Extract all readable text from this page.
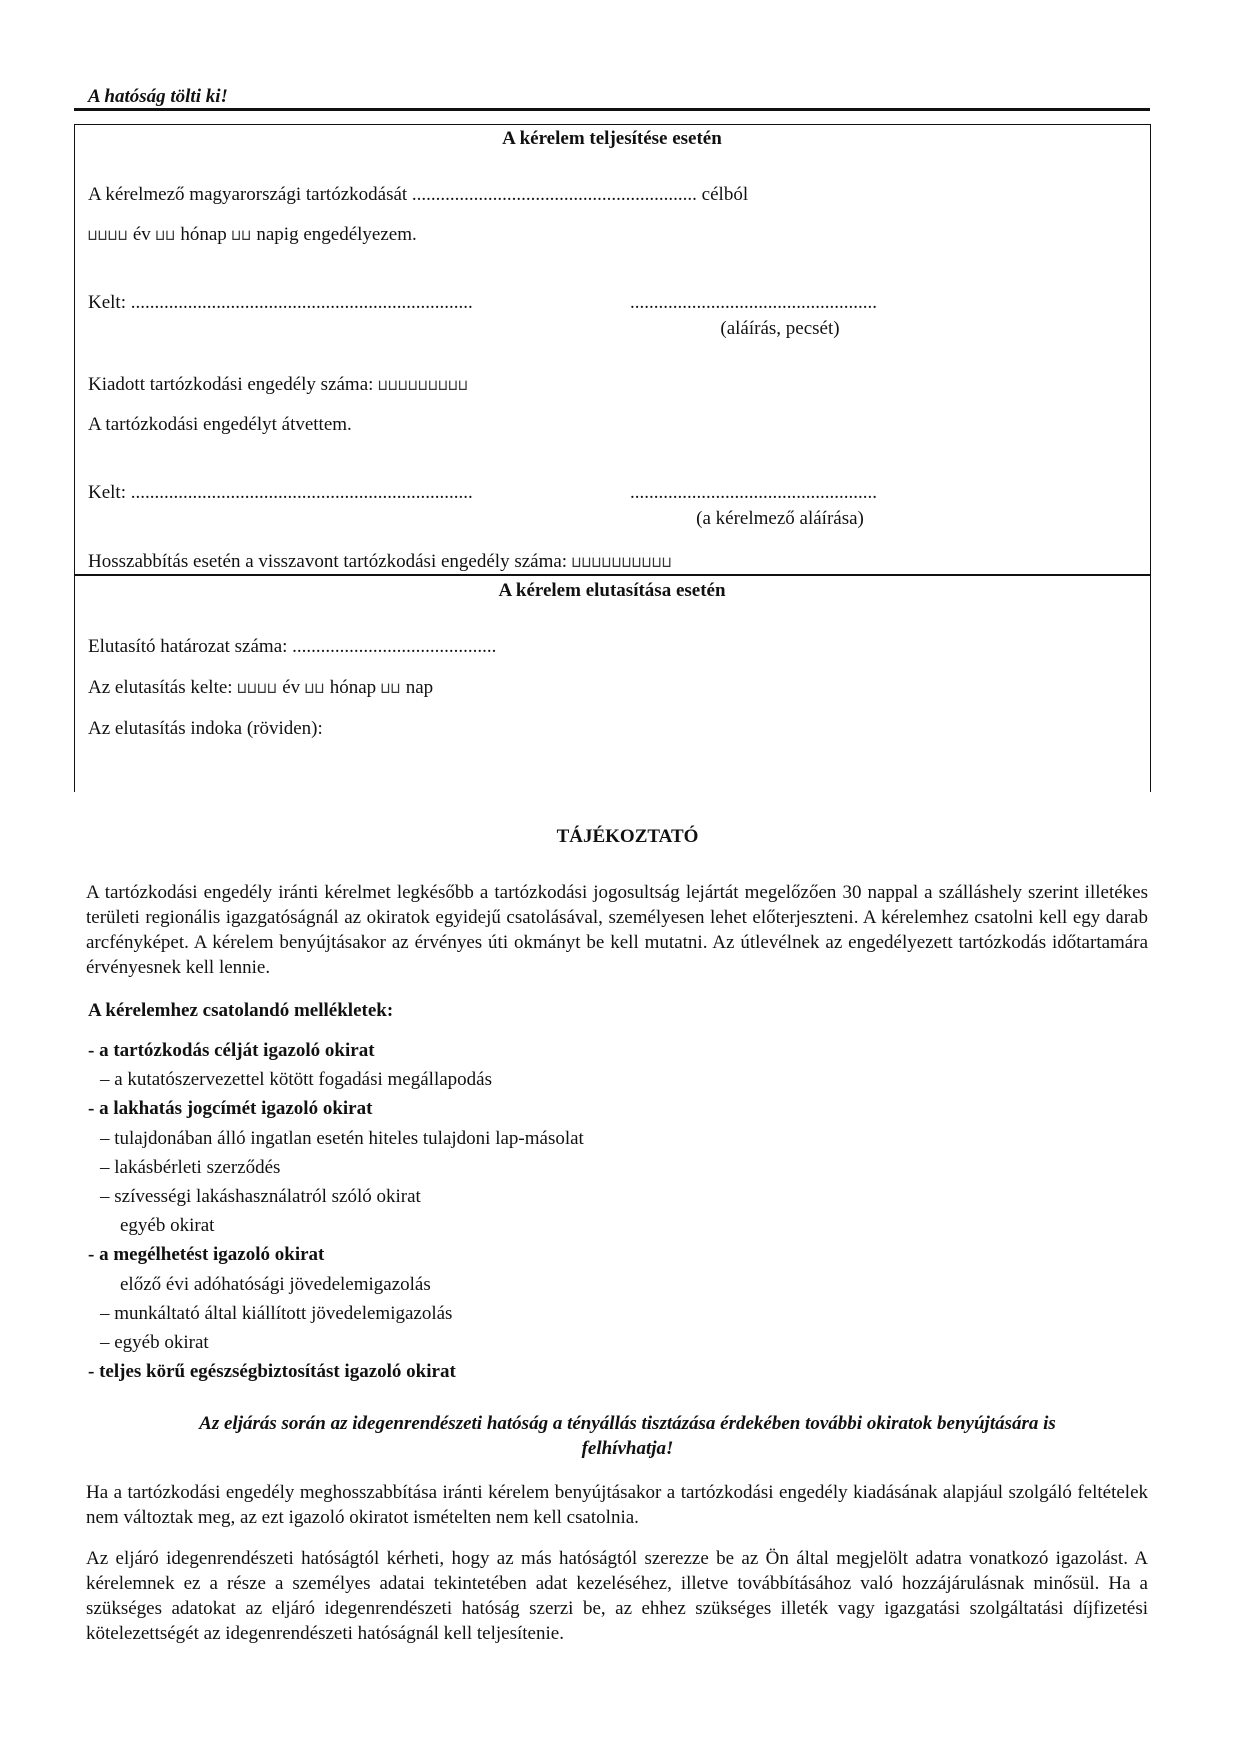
A hatóság tölti ki!
A kérelem teljesítése esetén
A kérelmező magyarországi tartózkodását ............................................................ célból
⊔⊔⊔⊔ év ⊔⊔ hónap ⊔⊔ napig engedélyezem.
Kelt: ........................................................................	....................................................
(aláírás, pecsét)
Kiadott tartózkodási engedély száma: ⊔⊔⊔⊔⊔⊔⊔⊔⊔
A tartózkodási engedélyt átvettem.
Kelt: ........................................................................	....................................................
(a kérelmező aláírása)
Hosszabbítás esetén a visszavont tartózkodási engedély száma: ⊔⊔⊔⊔⊔⊔⊔⊔⊔⊔
A kérelem elutasítása esetén
Elutasító határozat száma: ...........................................
Az elutasítás kelte: ⊔⊔⊔⊔ év ⊔⊔ hónap ⊔⊔ nap
Az elutasítás indoka (röviden):
TÁJÉKOZTATÓ
A tartózkodási engedély iránti kérelmet legkésőbb a tartózkodási jogosultság lejártát megelőzően 30 nappal a szálláshely szerint illetékes területi regionális igazgatóságnál az okiratok egyidejű csatolásával, személyesen lehet előterjeszteni. A kérelemhez csatolni kell egy darab arcfényképet. A kérelem benyújtásakor az érvényes úti okmányt be kell mutatni. Az útlevélnek az engedélyezett tartózkodás időtartamára érvényesnek kell lennie.
A kérelemhez csatolandó mellékletek:
- a tartózkodás célját igazoló okirat
– a kutatószervezettel kötött fogadási megállapodás
- a lakhatás jogcímét igazoló okirat
– tulajdonában álló ingatlan esetén hiteles tulajdoni lap-másolat
– lakásbérleti szerződés
– szívességi lakáshasználatról szóló okirat
egyéb okirat
- a megélhetést igazoló okirat
előző évi adóhatósági jövedelemigazolás
– munkáltató által kiállított jövedelemigazolás
– egyéb okirat
- teljes körű egészségbiztosítást igazoló okirat
Az eljárás során az idegenrendészeti hatóság a tényállás tisztázása érdekében további okiratok benyújtására is
felhívhatja!
Ha a tartózkodási engedély meghosszabbítása iránti kérelem benyújtásakor a tartózkodási engedély kiadásának alapjául szolgáló feltételek nem változtak meg, az ezt igazoló okiratot ismételten nem kell csatolnia.
Az eljáró idegenrendészeti hatóságtól kérheti, hogy az más hatóságtól szerezze be az Ön által megjelölt adatra vonatkozó igazolást. A kérelemnek ez a része a személyes adatai tekintetében adat kezeléséhez, illetve továbbításához való hozzájárulásnak minősül. Ha a szükséges adatokat az eljáró idegenrendészeti hatóság szerzi be, az ehhez szükséges illeték vagy igazgatási szolgáltatási díjfizetési kötelezettségét az idegenrendészeti hatóságnál kell teljesítenie.
